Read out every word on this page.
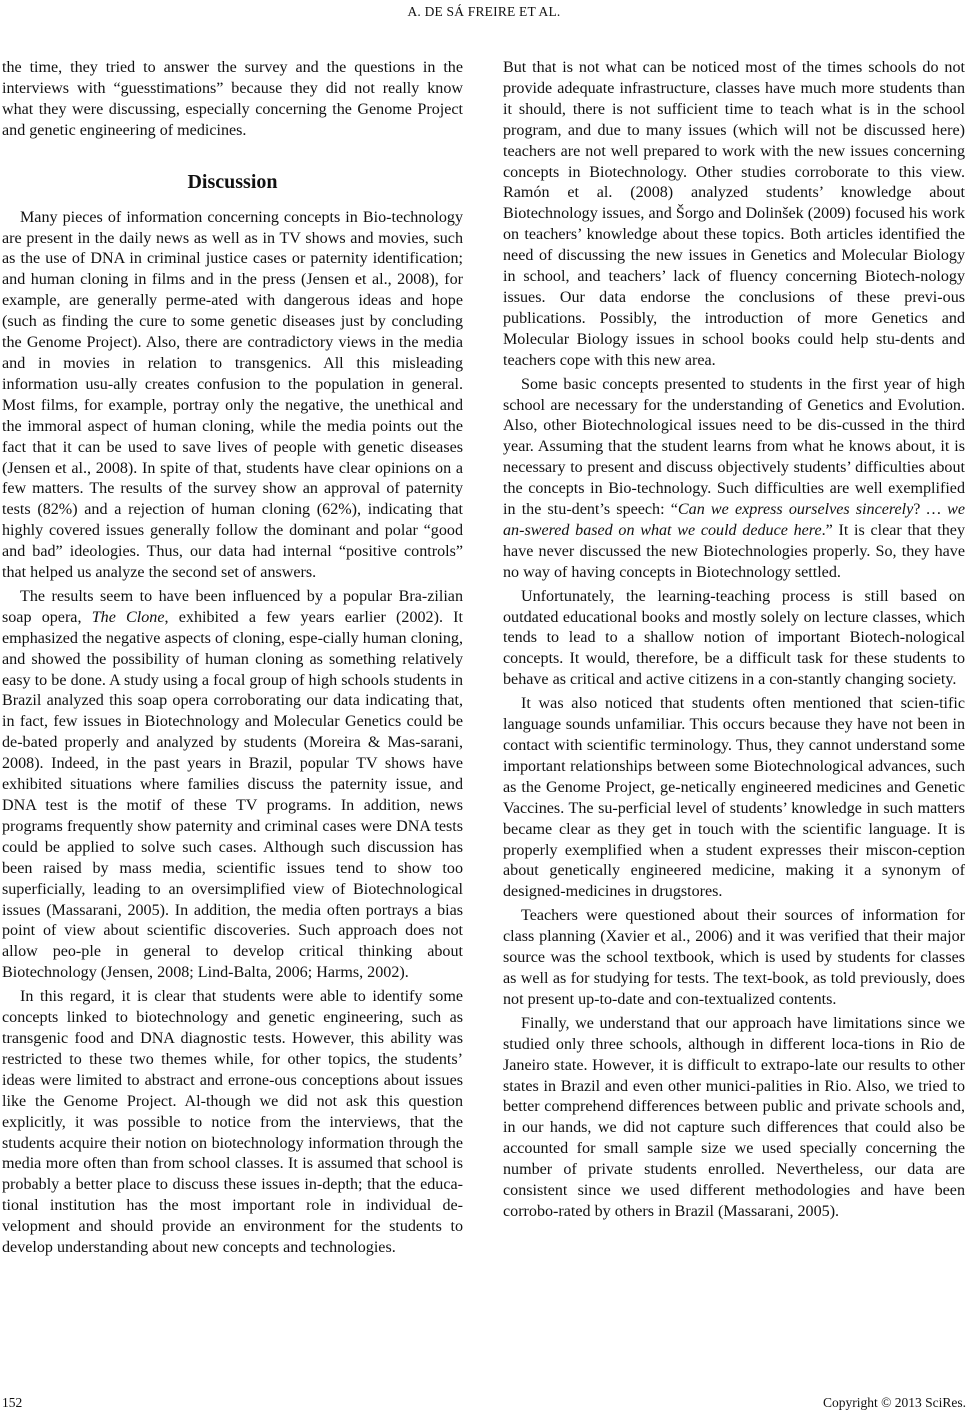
A. DE SÁ FREIRE ET AL.

the time, they tried to answer the survey and the questions in the interviews with “guesstimations” because they did not really know what they were discussing, especially concerning the Genome Project and genetic engineering of medicines.

Discussion

Many pieces of information concerning concepts in Bio-technology are present in the daily news as well as in TV shows and movies, such as the use of DNA in criminal justice cases or paternity identification; and human cloning in films and in the press (Jensen et al., 2008), for example, are generally perme-ated with dangerous ideas and hope (such as finding the cure to some genetic diseases just by concluding the Genome Project). Also, there are contradictory views in the media and in movies in relation to transgenics. All this misleading information usu-ally creates confusion to the population in general. Most films, for example, portray only the negative, the unethical and the immoral aspect of human cloning, while the media points out the fact that it can be used to save lives of people with genetic diseases (Jensen et al., 2008). In spite of that, students have clear opinions on a few matters. The results of the survey show an approval of paternity tests (82%) and a rejection of human cloning (62%), indicating that highly covered issues generally follow the dominant and polar “good and bad” ideologies. Thus, our data had internal “positive controls” that helped us analyze the second set of answers.

The results seem to have been influenced by a popular Bra-zilian soap opera, The Clone, exhibited a few years earlier (2002). It emphasized the negative aspects of cloning, espe-cially human cloning, and showed the possibility of human cloning as something relatively easy to be done. A study using a focal group of high schools students in Brazil analyzed this soap opera corroborating our data indicating that, in fact, few issues in Biotechnology and Molecular Genetics could be de-bated properly and analyzed by students (Moreira & Mas-sarani, 2008). Indeed, in the past years in Brazil, popular TV shows have exhibited situations where families discuss the paternity issue, and DNA test is the motif of these TV programs. In addition, news programs frequently show paternity and criminal cases were DNA tests could be applied to solve such cases. Although such discussion has been raised by mass media, scientific issues tend to show too superficially, leading to an oversimplified view of Biotechnological issues (Massarani, 2005). In addition, the media often portrays a bias point of view about scientific discoveries. Such approach does not allow peo-ple in general to develop critical thinking about Biotechnology (Jensen, 2008; Lind-Balta, 2006; Harms, 2002).

In this regard, it is clear that students were able to identify some concepts linked to biotechnology and genetic engineering, such as transgenic food and DNA diagnostic tests. However, this ability was restricted to these two themes while, for other topics, the students’ ideas were limited to abstract and errone-ous conceptions about issues like the Genome Project. Al-though we did not ask this question explicitly, it was possible to notice from the interviews, that the students acquire their notion on biotechnology information through the media more often than from school classes. It is assumed that school is probably a better place to discuss these issues in-depth; that the educa-tional institution has the most important role in individual de-velopment and should provide an environment for the students to develop understanding about new concepts and technologies.

But that is not what can be noticed most of the times schools do not provide adequate infrastructure, classes have much more students than it should, there is not sufficient time to teach what is in the school program, and due to many issues (which will not be discussed here) teachers are not well prepared to work with the new issues concerning concepts in Biotechnology. Other studies corroborate to this view. Ramón et al. (2008) analyzed students’ knowledge about Biotechnology issues, and Šorgo and Dolinšek (2009) focused his work on teachers’ knowledge about these topics. Both articles identified the need of discussing the new issues in Genetics and Molecular Biology in school, and teachers’ lack of fluency concerning Biotech-nology issues. Our data endorse the conclusions of these previ-ous publications. Possibly, the introduction of more Genetics and Molecular Biology issues in school books could help stu-dents and teachers cope with this new area.

Some basic concepts presented to students in the first year of high school are necessary for the understanding of Genetics and Evolution. Also, other Biotechnological issues need to be dis-cussed in the third year. Assuming that the student learns from what he knows about, it is necessary to present and discuss objectively students’ difficulties about the concepts in Bio-technology. Such difficulties are well exemplified in the stu-dent’s speech: “Can we express ourselves sincerely? … we an-swered based on what we could deduce here.” It is clear that they have never discussed the new Biotechnologies properly. So, they have no way of having concepts in Biotechnology settled.

Unfortunately, the learning-teaching process is still based on outdated educational books and mostly solely on lecture classes, which tends to lead to a shallow notion of important Biotech-nological concepts. It would, therefore, be a difficult task for these students to behave as critical and active citizens in a con-stantly changing society.

It was also noticed that students often mentioned that scien-tific language sounds unfamiliar. This occurs because they have not been in contact with scientific terminology. Thus, they cannot understand some important relationships between some Biotechnological advances, such as the Genome Project, ge-netically engineered medicines and Genetic Vaccines. The su-perficial level of students’ knowledge in such matters became clear as they get in touch with the scientific language. It is properly exemplified when a student expresses their miscon-ception about genetically engineered medicine, making it a synonym of designed-medicines in drugstores.

Teachers were questioned about their sources of information for class planning (Xavier et al., 2006) and it was verified that their major source was the school textbook, which is used by students for classes as well as for studying for tests. The text-book, as told previously, does not present up-to-date and con-textualized contents.

Finally, we understand that our approach have limitations since we studied only three schools, although in different loca-tions in Rio de Janeiro state. However, it is difficult to extrapo-late our results to other states in Brazil and even other munici-palities in Rio. Also, we tried to better comprehend differences between public and private schools and, in our hands, we did not capture such differences that could also be accounted for small sample size we used specially concerning the number of private students enrolled. Nevertheless, our data are consistent since we used different methodologies and have been corrobo-rated by others in Brazil (Massarani, 2005).

152	Copyright © 2013 SciRes.
